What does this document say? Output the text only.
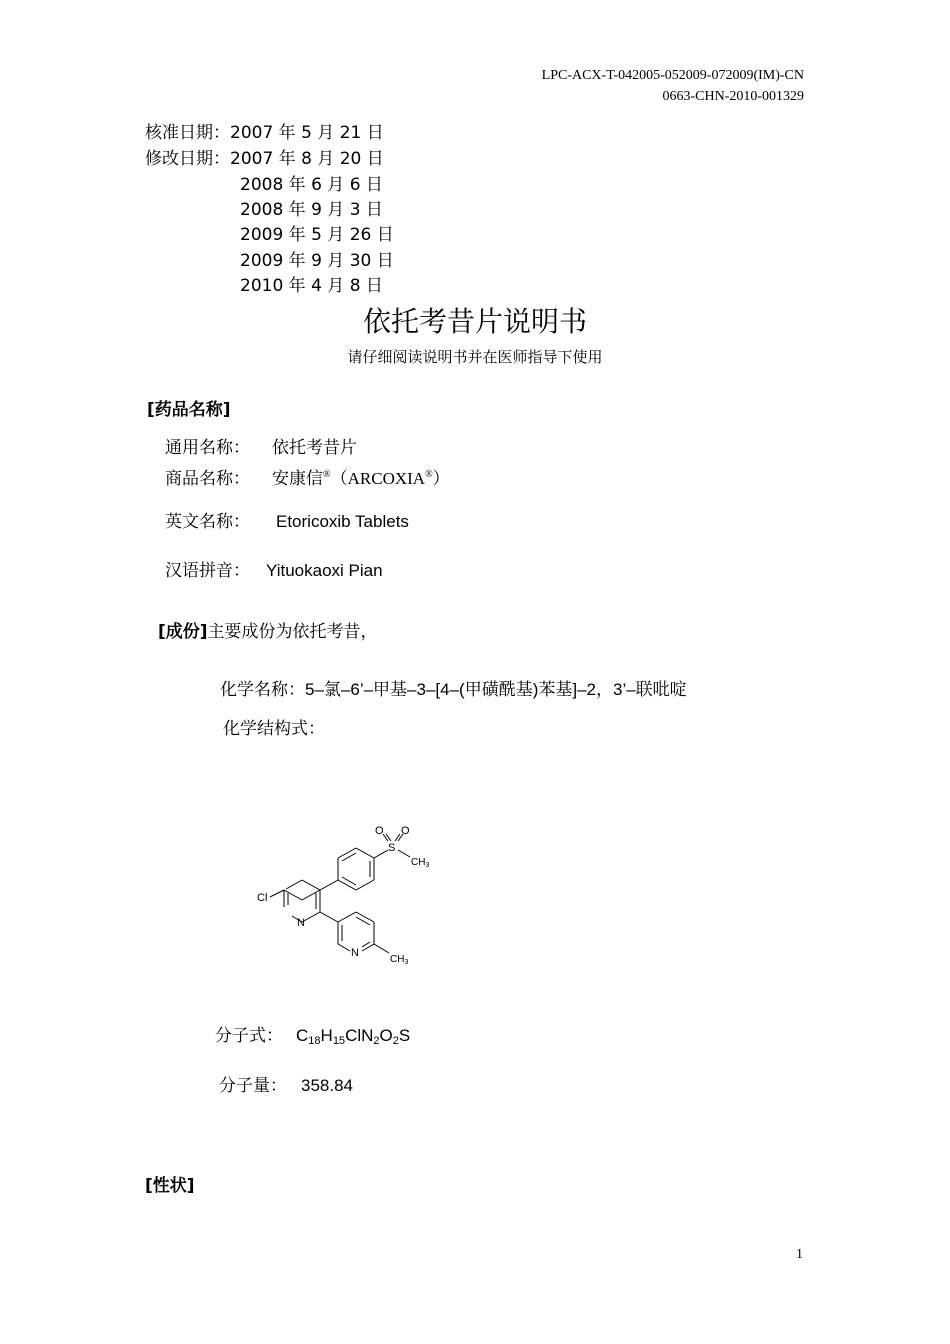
LPC-ACX-T-042005-052009-072009(IM)-CN
0663-CHN-2010-001329
核准日期：2007 年 5 月 21 日
修改日期：2007 年 8 月 20 日
2008 年 6 月 6 日
2008 年 9 月 3 日
2009 年 5 月 26 日
2009 年 9 月 30 日
2010 年 4 月 8 日
依托考昔片说明书
请仔细阅读说明书并在医师指导下使用
[药品名称]
通用名称： 依托考昔片
商品名称： 安康信®（ARCOXIA®）
英文名称： Etoricoxib Tablets
汉语拼音： Yituokaoxi Pian
[成份]主要成份为依托考昔，
化学名称：5–氯–6’–甲基–3–[4–(甲磺酰基)苯基]–2，3’–联吡啶
化学结构式：
Cl
N
N
S
O O
$CH_3$
$CH_3$
分子式： $C_{18}H_{15}ClN_2O_2S$
分子量： 358.84
[性状]
1
